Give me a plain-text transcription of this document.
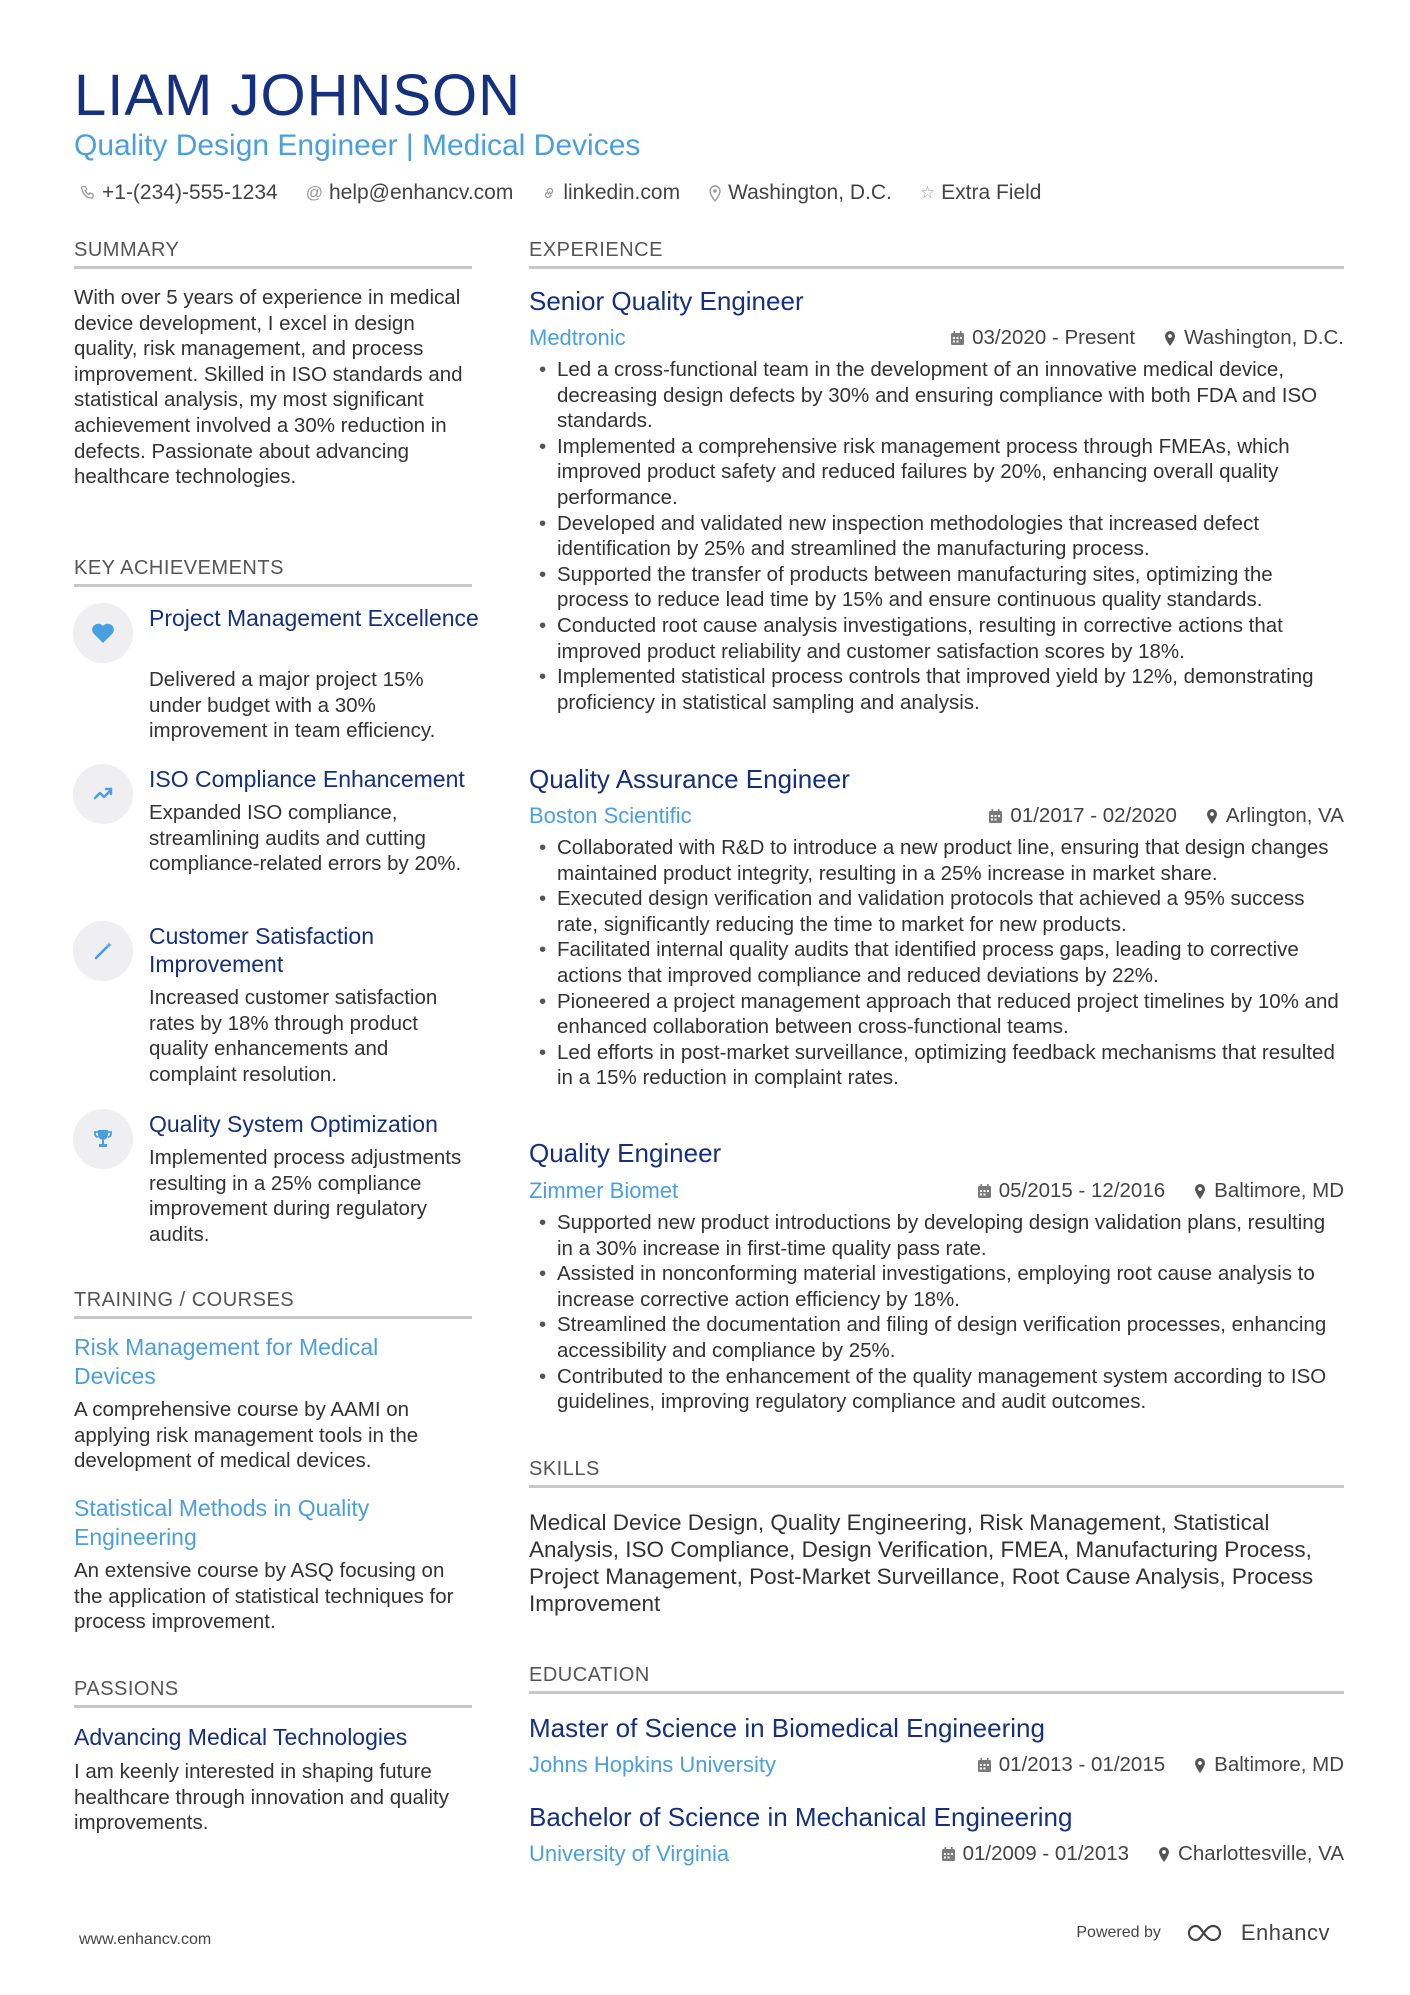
LIAM JOHNSON
Quality Design Engineer | Medical Devices
+1-(234)-555-1234 @ help@enhancv.com linkedin.com Washington, D.C. ☆ Extra Field
SUMMARY
With over 5 years of experience in medical device development, I excel in design quality, risk management, and process improvement. Skilled in ISO standards and statistical analysis, my most significant achievement involved a 30% reduction in defects. Passionate about advancing healthcare technologies.
KEY ACHIEVEMENTS
Project Management Excellence
Delivered a major project 15% under budget with a 30% improvement in team efficiency.
ISO Compliance Enhancement
Expanded ISO compliance, streamlining audits and cutting compliance-related errors by 20%.
Customer Satisfaction Improvement
Increased customer satisfaction rates by 18% through product quality enhancements and complaint resolution.
Quality System Optimization
Implemented process adjustments resulting in a 25% compliance improvement during regulatory audits.
TRAINING / COURSES
Risk Management for Medical Devices
A comprehensive course by AAMI on applying risk management tools in the development of medical devices.
Statistical Methods in Quality Engineering
An extensive course by ASQ focusing on the application of statistical techniques for process improvement.
PASSIONS
Advancing Medical Technologies
I am keenly interested in shaping future healthcare through innovation and quality improvements.
EXPERIENCE
Senior Quality Engineer
Medtronic	03/2020 - Present Washington, D.C.
• Led a cross-functional team in the development of an innovative medical device, decreasing design defects by 30% and ensuring compliance with both FDA and ISO standards.
• Implemented a comprehensive risk management process through FMEAs, which improved product safety and reduced failures by 20%, enhancing overall quality performance.
• Developed and validated new inspection methodologies that increased defect identification by 25% and streamlined the manufacturing process.
• Supported the transfer of products between manufacturing sites, optimizing the process to reduce lead time by 15% and ensure continuous quality standards.
• Conducted root cause analysis investigations, resulting in corrective actions that improved product reliability and customer satisfaction scores by 18%.
• Implemented statistical process controls that improved yield by 12%, demonstrating proficiency in statistical sampling and analysis.
Quality Assurance Engineer
Boston Scientific	01/2017 - 02/2020 Arlington, VA
• Collaborated with R&D to introduce a new product line, ensuring that design changes maintained product integrity, resulting in a 25% increase in market share.
• Executed design verification and validation protocols that achieved a 95% success rate, significantly reducing the time to market for new products.
• Facilitated internal quality audits that identified process gaps, leading to corrective actions that improved compliance and reduced deviations by 22%.
• Pioneered a project management approach that reduced project timelines by 10% and enhanced collaboration between cross-functional teams.
• Led efforts in post-market surveillance, optimizing feedback mechanisms that resulted in a 15% reduction in complaint rates.
Quality Engineer
Zimmer Biomet	05/2015 - 12/2016 Baltimore, MD
• Supported new product introductions by developing design validation plans, resulting in a 30% increase in first-time quality pass rate.
• Assisted in nonconforming material investigations, employing root cause analysis to increase corrective action efficiency by 18%.
• Streamlined the documentation and filing of design verification processes, enhancing accessibility and compliance by 25%.
• Contributed to the enhancement of the quality management system according to ISO guidelines, improving regulatory compliance and audit outcomes.
SKILLS
Medical Device Design, Quality Engineering, Risk Management, Statistical Analysis, ISO Compliance, Design Verification, FMEA, Manufacturing Process, Project Management, Post-Market Surveillance, Root Cause Analysis, Process Improvement
EDUCATION
Master of Science in Biomedical Engineering
Johns Hopkins University	01/2013 - 01/2015 Baltimore, MD
Bachelor of Science in Mechanical Engineering
University of Virginia	01/2009 - 01/2013 Charlottesville, VA
www.enhancv.com	Powered by	Enhancv
